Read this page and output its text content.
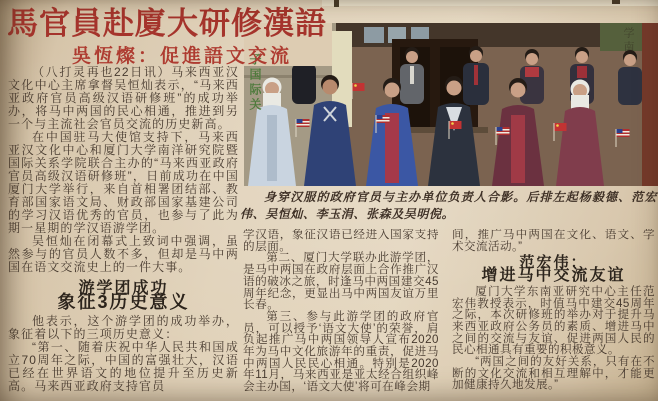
子国际关
学南
馬官員赴廈大研修漢語
吳恆燦：促進語文交流

身穿汉服的政府官员与主办单位负责人合影。后排左起杨毅德、范宏伟、吴恒灿、李玉涓、张森及吴明倪。

（八打灵再也22日讯）马来西亚汉文化中心主席拿督吴恒灿表示，“马来西亚政府官员高级汉语研修班”的成功举办，将马中两国的民心相通，推进到另一个与主流社会官员交流的历史新高。

在中国驻马大使馆支持下，马来西亚汉文化中心和厦门大学南洋研究院暨国际关系学院联合主办的“马来西亚政府官员高级汉语研修班”，日前成功在中国厦门大学举行，来自首相署团结部、教育部国家语文局、财政部国家基建公司的学习汉语优秀的官员，也参与了此为期一星期的学汉语游学团。

吴恒灿在闭幕式上致词中强调，虽然参与的官员人数不多，但却是马中两国在语文交流史上的一件大事。

游学团成功

象征3历史意义

他表示，这个游学团的成功举办，象征着以下的三项历史意义：

“第一、随着庆祝中华人民共和国成立70周年之际，中国的富强壮大，汉语已经在世界语文的地位提升至历史新高。马来西亚政府支持官员

学汉语，象征汉语已经进入国家支持的层面。

第二、厦门大学联办此游学团，是马中两国在政府层面上合作推广汉语的破冰之旅，时逢马中两国建交45周年纪念，更显出马中两国友谊万里长春。

第三、参与此游学团的政府官员，可以授予‘语文大使’的荣誉，肩负起推广马中两国领导人宣布2020年为马中文化旅游年的重责，促进马中两国人民民心相通。特别是2020年11月，马来西亚是亚太经合组织峰会主办国，‘语文大使’将可在峰会期

间，推广马中两国在文化、语文、学术交流活动。”

范宏伟：

增进马中交流友谊

厦门大学东南亚研究中心主任范宏伟教授表示，时值马中建交45周年之际，本次研修班的举办对于提升马来西亚政府公务员的素质、增进马中之间的交流与友谊、促进两国人民的民心相通具有重要的积极意义。

“两国之间的友好关系，只有在不断的文化交流和相互理解中，才能更加健康持久地发展。”
